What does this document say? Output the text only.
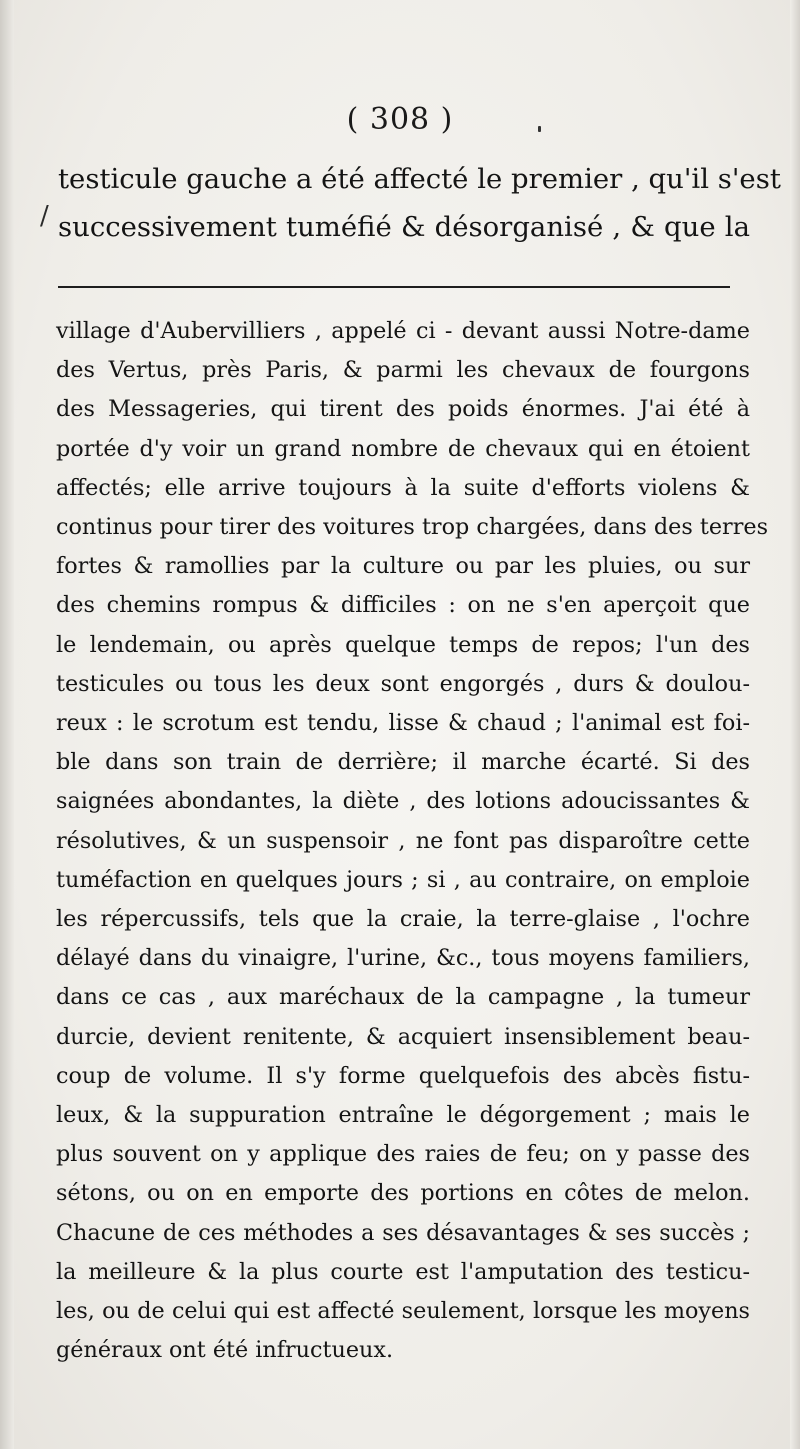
( 308 )
testicule gauche a été affecté le premier , qu'il s'est
successivement tuméfié & désorganisé , & que la
/
village d'Aubervilliers , appelé ci - devant aussi Notre-dame
des Vertus, près Paris, & parmi les chevaux de fourgons
des Messageries, qui tirent des poids énormes. J'ai été à
portée d'y voir un grand nombre de chevaux qui en étoient
affectés; elle arrive toujours à la suite d'efforts violens &
continus pour tirer des voitures trop chargées, dans des terres
fortes & ramollies par la culture ou par les pluies, ou sur
des chemins rompus & difficiles : on ne s'en aperçoit que
le lendemain, ou après quelque temps de repos; l'un des
testicules ou tous les deux sont engorgés , durs & doulou-
reux : le scrotum est tendu, lisse & chaud ; l'animal est foi-
ble dans son train de derrière; il marche écarté. Si des
saignées abondantes, la diète , des lotions adoucissantes &
résolutives, & un suspensoir , ne font pas disparoître cette
tuméfaction en quelques jours ; si , au contraire, on emploie
les répercussifs, tels que la craie, la terre-glaise , l'ochre
délayé dans du vinaigre, l'urine, &c., tous moyens familiers,
dans ce cas , aux maréchaux de la campagne , la tumeur
durcie, devient renitente, & acquiert insensiblement beau-
coup de volume. Il s'y forme quelquefois des abcès fistu-
leux, & la suppuration entraîne le dégorgement ; mais le
plus souvent on y applique des raies de feu; on y passe des
sétons, ou on en emporte des portions en côtes de melon.
Chacune de ces méthodes a ses désavantages & ses succès ;
la meilleure & la plus courte est l'amputation des testicu-
les, ou de celui qui est affecté seulement, lorsque les moyens
généraux ont été infructueux.
